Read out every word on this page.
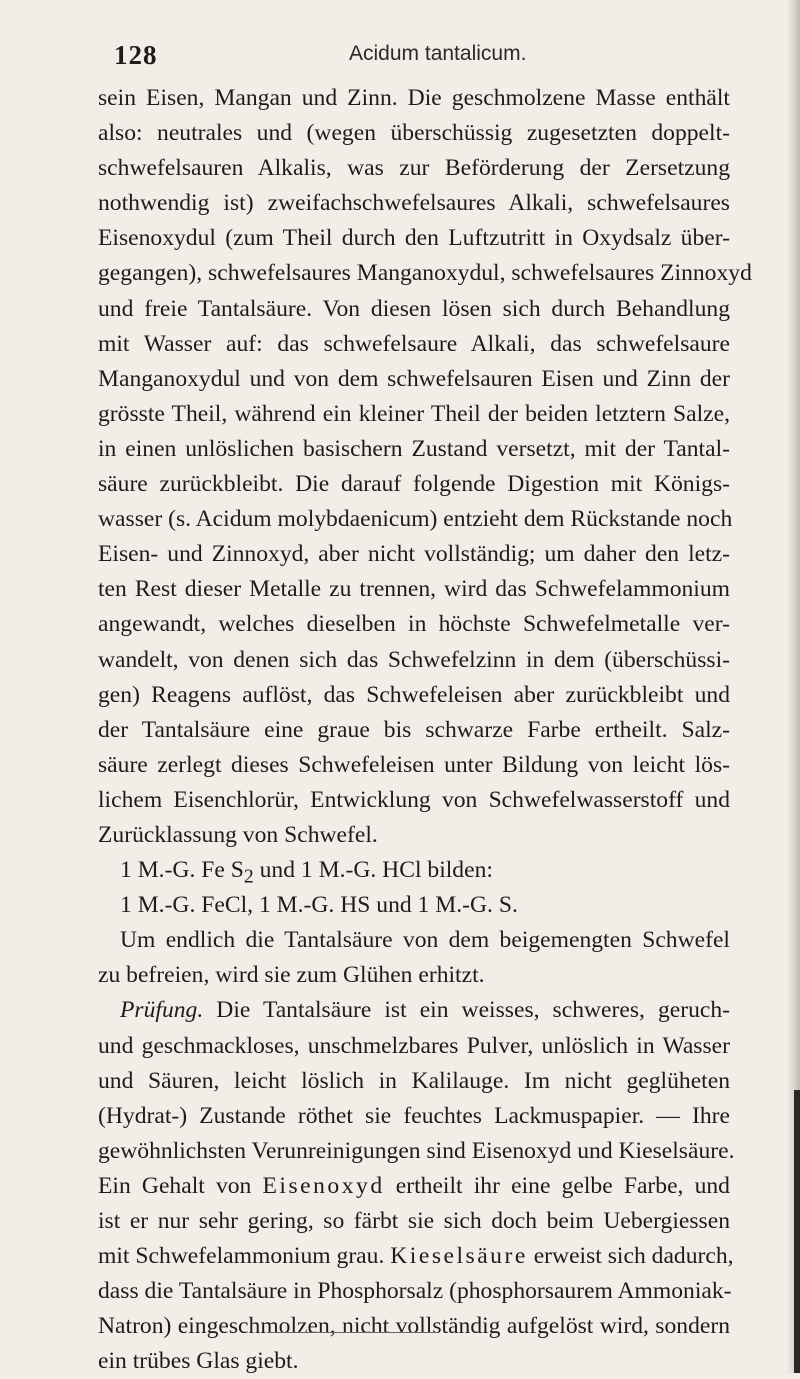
128	Acidum tantalicum.
sein Eisen, Mangan und Zinn. Die geschmolzene Masse enthält
also: neutrales und (wegen überschüssig zugesetzten doppelt-
schwefelsauren Alkalis, was zur Beförderung der Zersetzung
nothwendig ist) zweifachschwefelsaures Alkali, schwefelsaures
Eisenoxydul (zum Theil durch den Luftzutritt in Oxydsalz über-
gegangen), schwefelsaures Manganoxydul, schwefelsaures Zinnoxyd
und freie Tantalsäure. Von diesen lösen sich durch Behandlung
mit Wasser auf: das schwefelsaure Alkali, das schwefelsaure
Manganoxydul und von dem schwefelsauren Eisen und Zinn der
grösste Theil, während ein kleiner Theil der beiden letztern Salze,
in einen unlöslichen basischern Zustand versetzt, mit der Tantal-
säure zurückbleibt. Die darauf folgende Digestion mit Königs-
wasser (s. Acidum molybdaenicum) entzieht dem Rückstande noch
Eisen- und Zinnoxyd, aber nicht vollständig; um daher den letz-
ten Rest dieser Metalle zu trennen, wird das Schwefelammonium
angewandt, welches dieselben in höchste Schwefelmetalle ver-
wandelt, von denen sich das Schwefelzinn in dem (überschüssi-
gen) Reagens auflöst, das Schwefeleisen aber zurückbleibt und
der Tantalsäure eine graue bis schwarze Farbe ertheilt. Salz-
säure zerlegt dieses Schwefeleisen unter Bildung von leicht lös-
lichem Eisenchlorür, Entwicklung von Schwefelwasserstoff und
Zurücklassung von Schwefel.
1 M.-G. Fe $S_2$ und 1 M.-G. HCl bilden:
1 M.-G. FeCl, 1 M.-G. HS und 1 M.-G. S.
Um endlich die Tantalsäure von dem beigemengten Schwefel
zu befreien, wird sie zum Glühen erhitzt.
Prüfung. Die Tantalsäure ist ein weisses, schweres, geruch-
und geschmackloses, unschmelzbares Pulver, unlöslich in Wasser
und Säuren, leicht löslich in Kalilauge. Im nicht geglüheten
(Hydrat-) Zustande röthet sie feuchtes Lackmuspapier. — Ihre
gewöhnlichsten Verunreinigungen sind Eisenoxyd und Kieselsäure.
Ein Gehalt von Eisenoxyd ertheilt ihr eine gelbe Farbe, und
ist er nur sehr gering, so färbt sie sich doch beim Uebergiessen
mit Schwefelammonium grau. Kieselsäure erweist sich dadurch,
dass die Tantalsäure in Phosphorsalz (phosphorsaurem Ammoniak-
Natron) eingeschmolzen, nicht vollständig aufgelöst wird, sondern
ein trübes Glas giebt.
